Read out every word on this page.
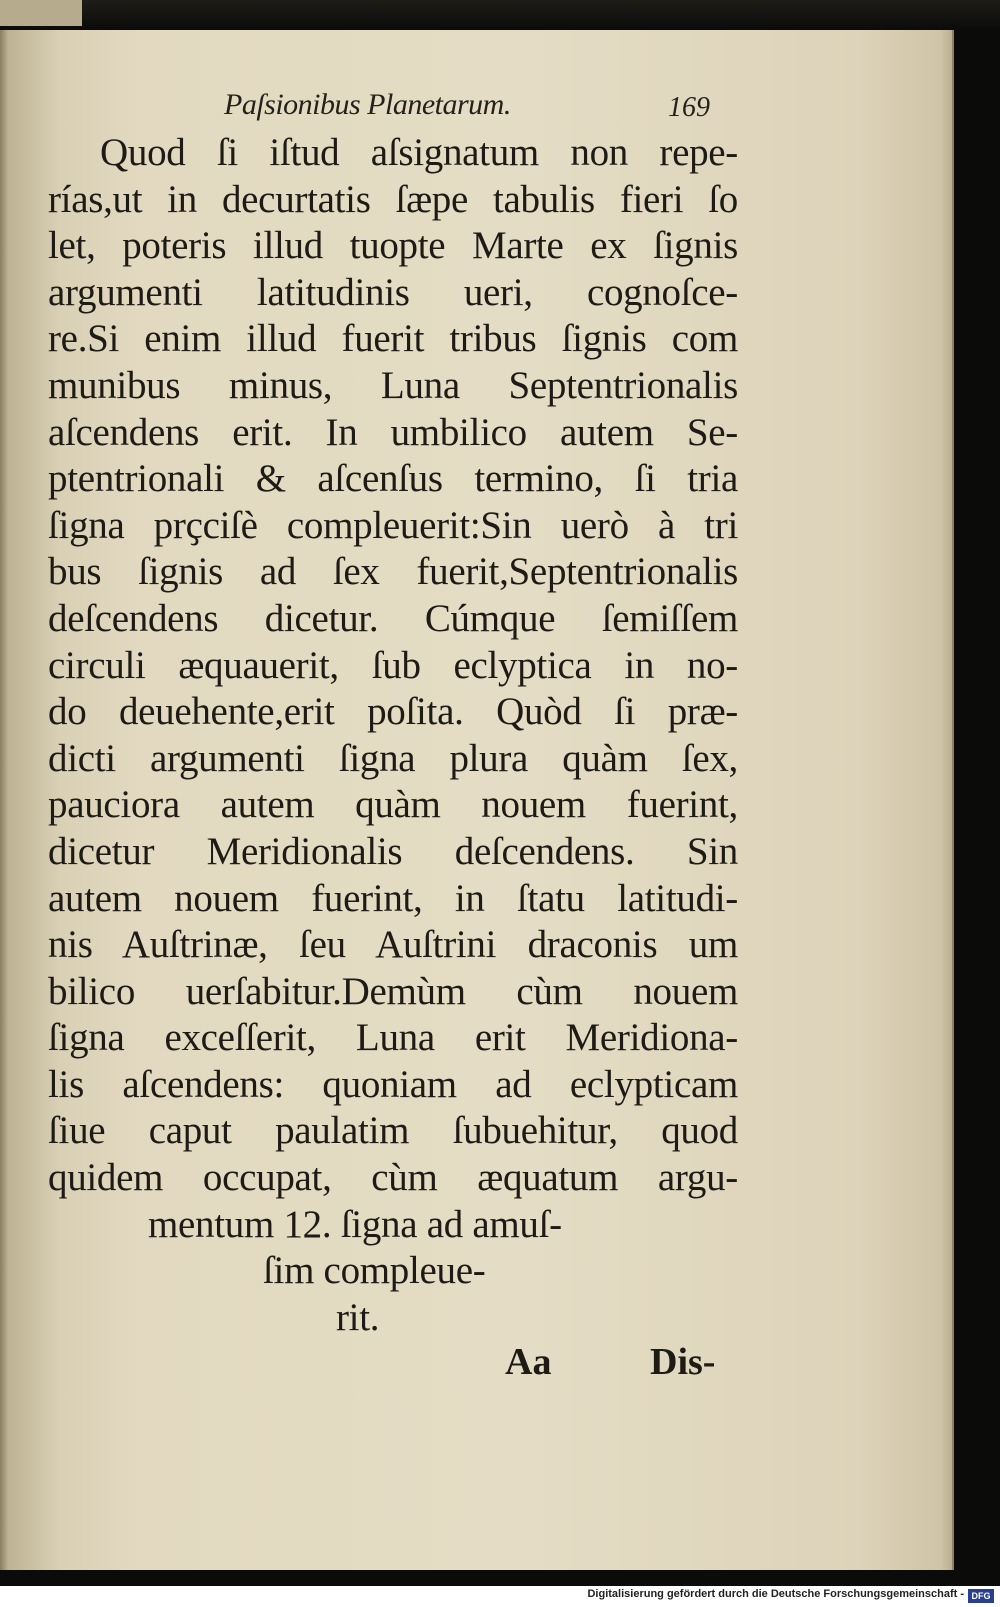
Paſsionibus Planetarum.	169
Quod ſi iſtud aſsignatum non repe-
rías,ut in decurtatis ſæpe tabulis fieri ſo
let, poteris illud tuopte Marte ex ſignis
argumenti latitudinis ueri, cognoſce-
re.Si enim illud fuerit tribus ſignis com
munibus minus, Luna Septentrionalis
aſcendens erit. In umbilico autem Se-
ptentrionali & aſcenſus termino, ſi tria
ſigna prҫciſè compleuerit:Sin uerò à tri
bus ſignis ad ſex fuerit,Septentrionalis
deſcendens dicetur. Cúmque ſemiſſem
circuli æquauerit, ſub eclyptica in no-
do deuehente,erit poſita. Quòd ſi præ-
dicti argumenti ſigna plura quàm ſex,
pauciora autem quàm nouem fuerint,
dicetur Meridionalis deſcendens. Sin
autem nouem fuerint, in ſtatu latitudi-
nis Auſtrinæ, ſeu Auſtrini draconis um
bilico uerſabitur.Demùm cùm nouem
ſigna exceſſerit, Luna erit Meridiona-
lis aſcendens: quoniam ad eclypticam
ſiue caput paulatim ſubuehitur, quod
quidem occupat, cùm æquatum argu-
mentum 12. ſigna ad amuſ-
ſim compleue-
rit.
Aa	Dis-
Digitalisierung gefördert durch die Deutsche Forschungsgemeinschaft - DFG
